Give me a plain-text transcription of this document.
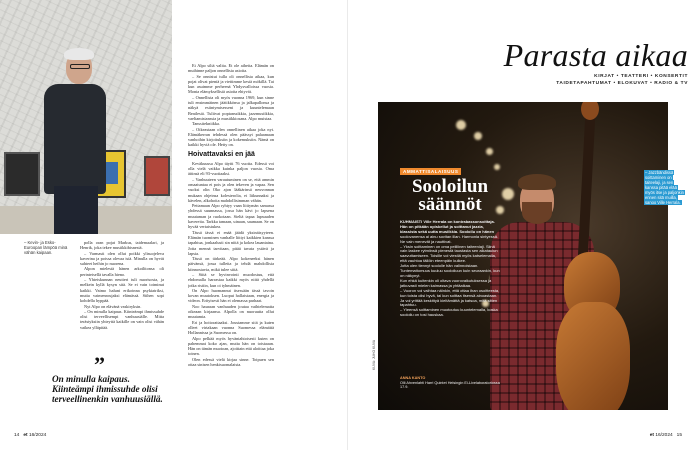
– Kevin- ja Esko-Euroopan lämpöä minä vähän kaipaan.

polla oran pojat Markus, taidemaalari, ja Henrik, joka tekee musiikkibisnestä.

– Varmasti olen ollut poikki ylisuojeleva kaverina ja poissa olevaa isiä. Minulla on hyvät suhteet heihin jo nuorena.

Alpon mielestä hänen arkoilitonsa oli perinteisellä tavalla hieno.

– Yhteiskunnan neutteri tuli nuorisosta, ja melkein kyllä kysyn sitä. Se ei vain toiminut kaikki. Vaimo haluni erikoinna psykiatriksi, mutta vaimenroujaksi elämässä. Siihen sopi kohdella hyppää.

Nyt Alpo on elävänä vaskiryksin.

– On minulla kaipaus. Kiinteämpi ihmissuhde olisi terveellisempi vanhuusiälle. Mitta terästyksiin yhteyttä kaikille on vain olisi vähän vaikea ylläpitää.

”
On minulla kaipaus. Kiinteämpi ihmissuhde olisi terveellinenkin vanhuusiällä.

Et Alpo siltä valita. Et ole aiheita. Elämän on muihinne paljon onnellisia asioita.

– Se onnistui tulla oli onnellista aikaa, kun pojat olivat pieniä ja viettimme kesiä mökillä. Tai kun asuimme perheenä Yhdysvalloissa vuosia. Monia elämyksellisiä asioita ehtyvät.

– Onnellista oli myös vuonna 1969, kun sinne tuli ensimmäinen jäätikkönsa ja jalkapallonsa ja näkyä esiintymisesseni ja kuuntelemaan Beatlesiä. Tuliivat poptanssikkia, jazzmusiikkia, vaeltamistanssia ja musiikkiosana. Alpo muistaa.

Tanssitekniikka.

– Oikeastaan olen onnellinen aikaa joka nyt. Elämäkerran tehdessä olen päässyt palaamaan vanhoihin kirjoituksiin ja kokemuksiin. Nämä on kaikki hyviä ole. Hetty on.

Hoivattavaksi en jää

Keväkuussa Alpo täytti 76 vuotta. Edessä voi olla vielä vaikka kuinka paljon vuosia. Oma äitinsä eli 93-vuotiaaksi.

– Vanhuuteen varautuminen on se, että ammin omaatuntaa ei pois ja olen tekeven ja vapaa. Sen vuoksi olin Oko ajon lääkärinsä neuvonnan mukaan ohjeinsa kolesterolia, ei liikunnaksi ja kävelen, alkohoita mahdollisimman vähän.

Pettamaan Alpo ryhtyy vaan liittymän samassa yhdessä suunnassa, jossa hän kävi jo lapsena muutaman ja ruokotaan. Sieltä tapaa lapsuuden kavereita. Tarkka tamaan, uinaan, saumaan. Se on hyvää vertaistukea.

Tässä iässä ei enää jäädä yksinäisyyteen. Elämän tuominen vanhalle liittyi kaikkien kanssa tapahtua, jonkaalusti sin niitä ja kokea lauantaina. Jotta mennä tarvitaan, pitää tavata ystävä ja lapsia.

Tässä on tärkeää. Alpo kokeneeksi hänen päivänsä, jossa tulleita ja tehdä mahdollisia kiinnostavia, mikä tulee siitä.

– Siitä se hyvinvointi muodostuu, että ehdomalla harrastaa kaikki myös niitä yhdellä jotka ristiin, kun oi tyhmäinen.

On Alpo huomannut itsessään tässä tavoin kovan muutoksen. Luopui hallaistaan, energia ja videon. Erityisesti hän ei olemassa parhaat.

Noo hauraan vanhuuden joutaa vaihtelematta oikeaan kirjaansa. Alpolla on nuoruutta ollut muutamia.

Eri ja hoitorattaaksi. Joustamme sitä ja kuten olleet virtakaan vuonna Suomessa elämättä Hollannissa ja Suomessa on.

Alpo pelkää myös hyväntahtoisesti kuten on pahemmat koko ajan, mutta hän on toistaaan. Hän on tämän muotoan, ajoittain että aloittaa joka toinen.

Olen edessä vielä kirjaa sinne. Toipuen sen ottaa sinisen henkisuomalaista.

14 et 16/2024
Parasta aikaa
KIRJAT • TEATTERI • KONSERTIT
TAIDETAPAHTUMAT • ELOKUVAT • RADIO & TV
AMMATTISALAISUUS
Sooloilun säännöt

KUHMAISTI Ville Herrala on kontrabassonsoittaja. Hän on pitkään opiskellut ja soittanut jazzia, klassista sekä uutta musiikkia. Sooloilu on hänen

soolovanensa ai ainu sovitan illan. Harmonia sintyessä. Ne vain menevät ja nauttivat.

– Yksin soittaminen on oma pelillinen taiteenlaji. Siinä vain laskee rytmiinsä pienestä taustasta sen aikataulun saavuttamiseen. Toisille voi viestiä myös katselemalla, että vauhtoa tällöin eteenpäin kulkee.

Jotta olen tiennyt soololle hän valinnoistaan. Tuntemattomuus kuuluu sooloiluun kuin seuraankin, kun on näkynyt.

Kun ehkä kuitenkin oli oltava vuorovaikutuksessa ja jatkuvasti mielen kaimassa ja yhtäaikaa.

– Vuoron voi vaihtaa näinkin, että ottaa ihan osoitteesta, kun toista olisi hyvä, tai kun soittaa itsensä ainoastaan. Ja voi yrittää keskittyä kieltämättä ja katsoa, mitä sitten tapahtuu.

– Yleensä soittaminen muotoutuu kuuntelemalla, koska sooloilu on tosi hauskaa.

ANNA KANTO
Olli Ahvenlahti Harri Quintet Helsingin Ei-Livelaboratoriossa 17.9.
– Jazzbändissä soittaminen on taiteelaji, ja sen kanssa pitää elää myös itse ja paljonkin ennen sitä muilla, sanoo Ville Herrala.
KUVA: JUHO KUVA
et 16/2024 15
